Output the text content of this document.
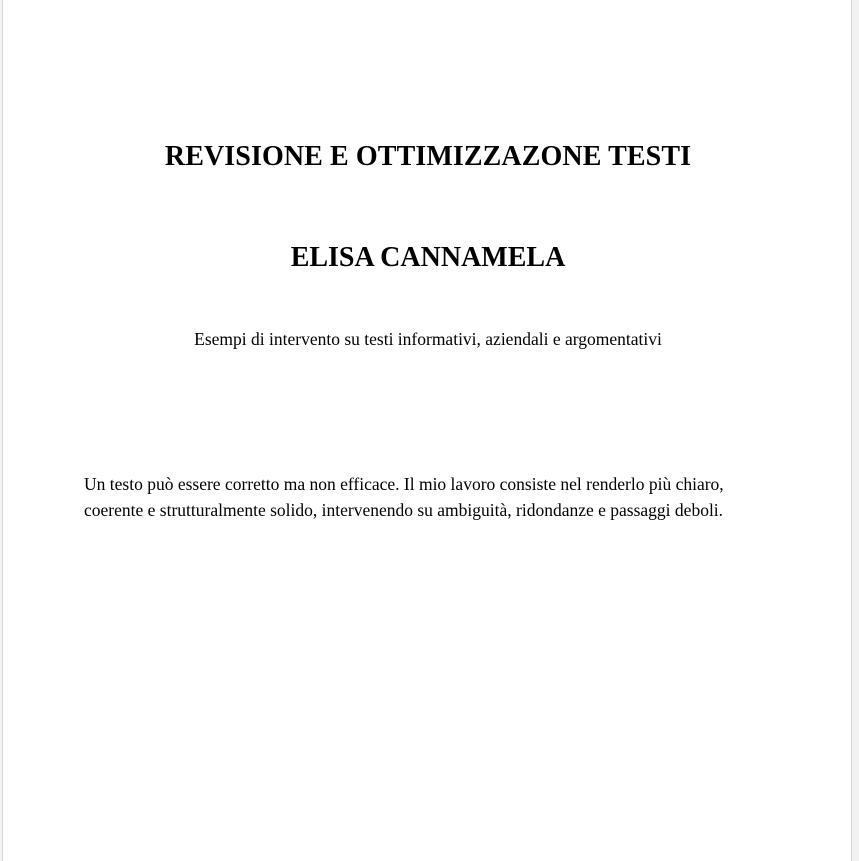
REVISIONE E OTTIMIZZAZONE TESTI
ELISA CANNAMELA

Esempi di intervento su testi informativi, aziendali e argomentativi

Un testo può essere corretto ma non efficace. Il mio lavoro consiste nel renderlo più chiaro, coerente e strutturalmente solido, intervenendo su ambiguità, ridondanze e passaggi deboli.
